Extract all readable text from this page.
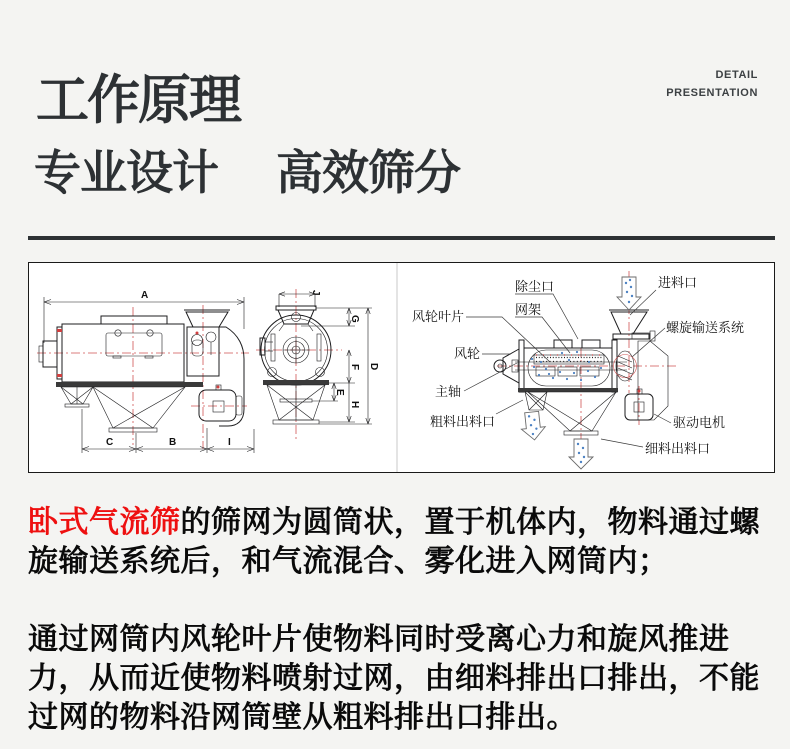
工作原理
专业设计　 高效筛分
DETAIL
PRESENTATION
A
C	B	I
J
G
F
E
H
D
除尘口
网架
进料口
风轮叶片
螺旋输送系统
风轮
主轴
粗料出料口	驱动电机
细料出料口
卧式气流筛的筛网为圆筒状，置于机体内，物料通过螺旋输送系统后，和气流混合、雾化进入网筒内；
通过网筒内风轮叶片使物料同时受离心力和旋风推进力，从而近使物料喷射过网，由细料排出口排出，不能过网的物料沿网筒壁从粗料排出口排出。
